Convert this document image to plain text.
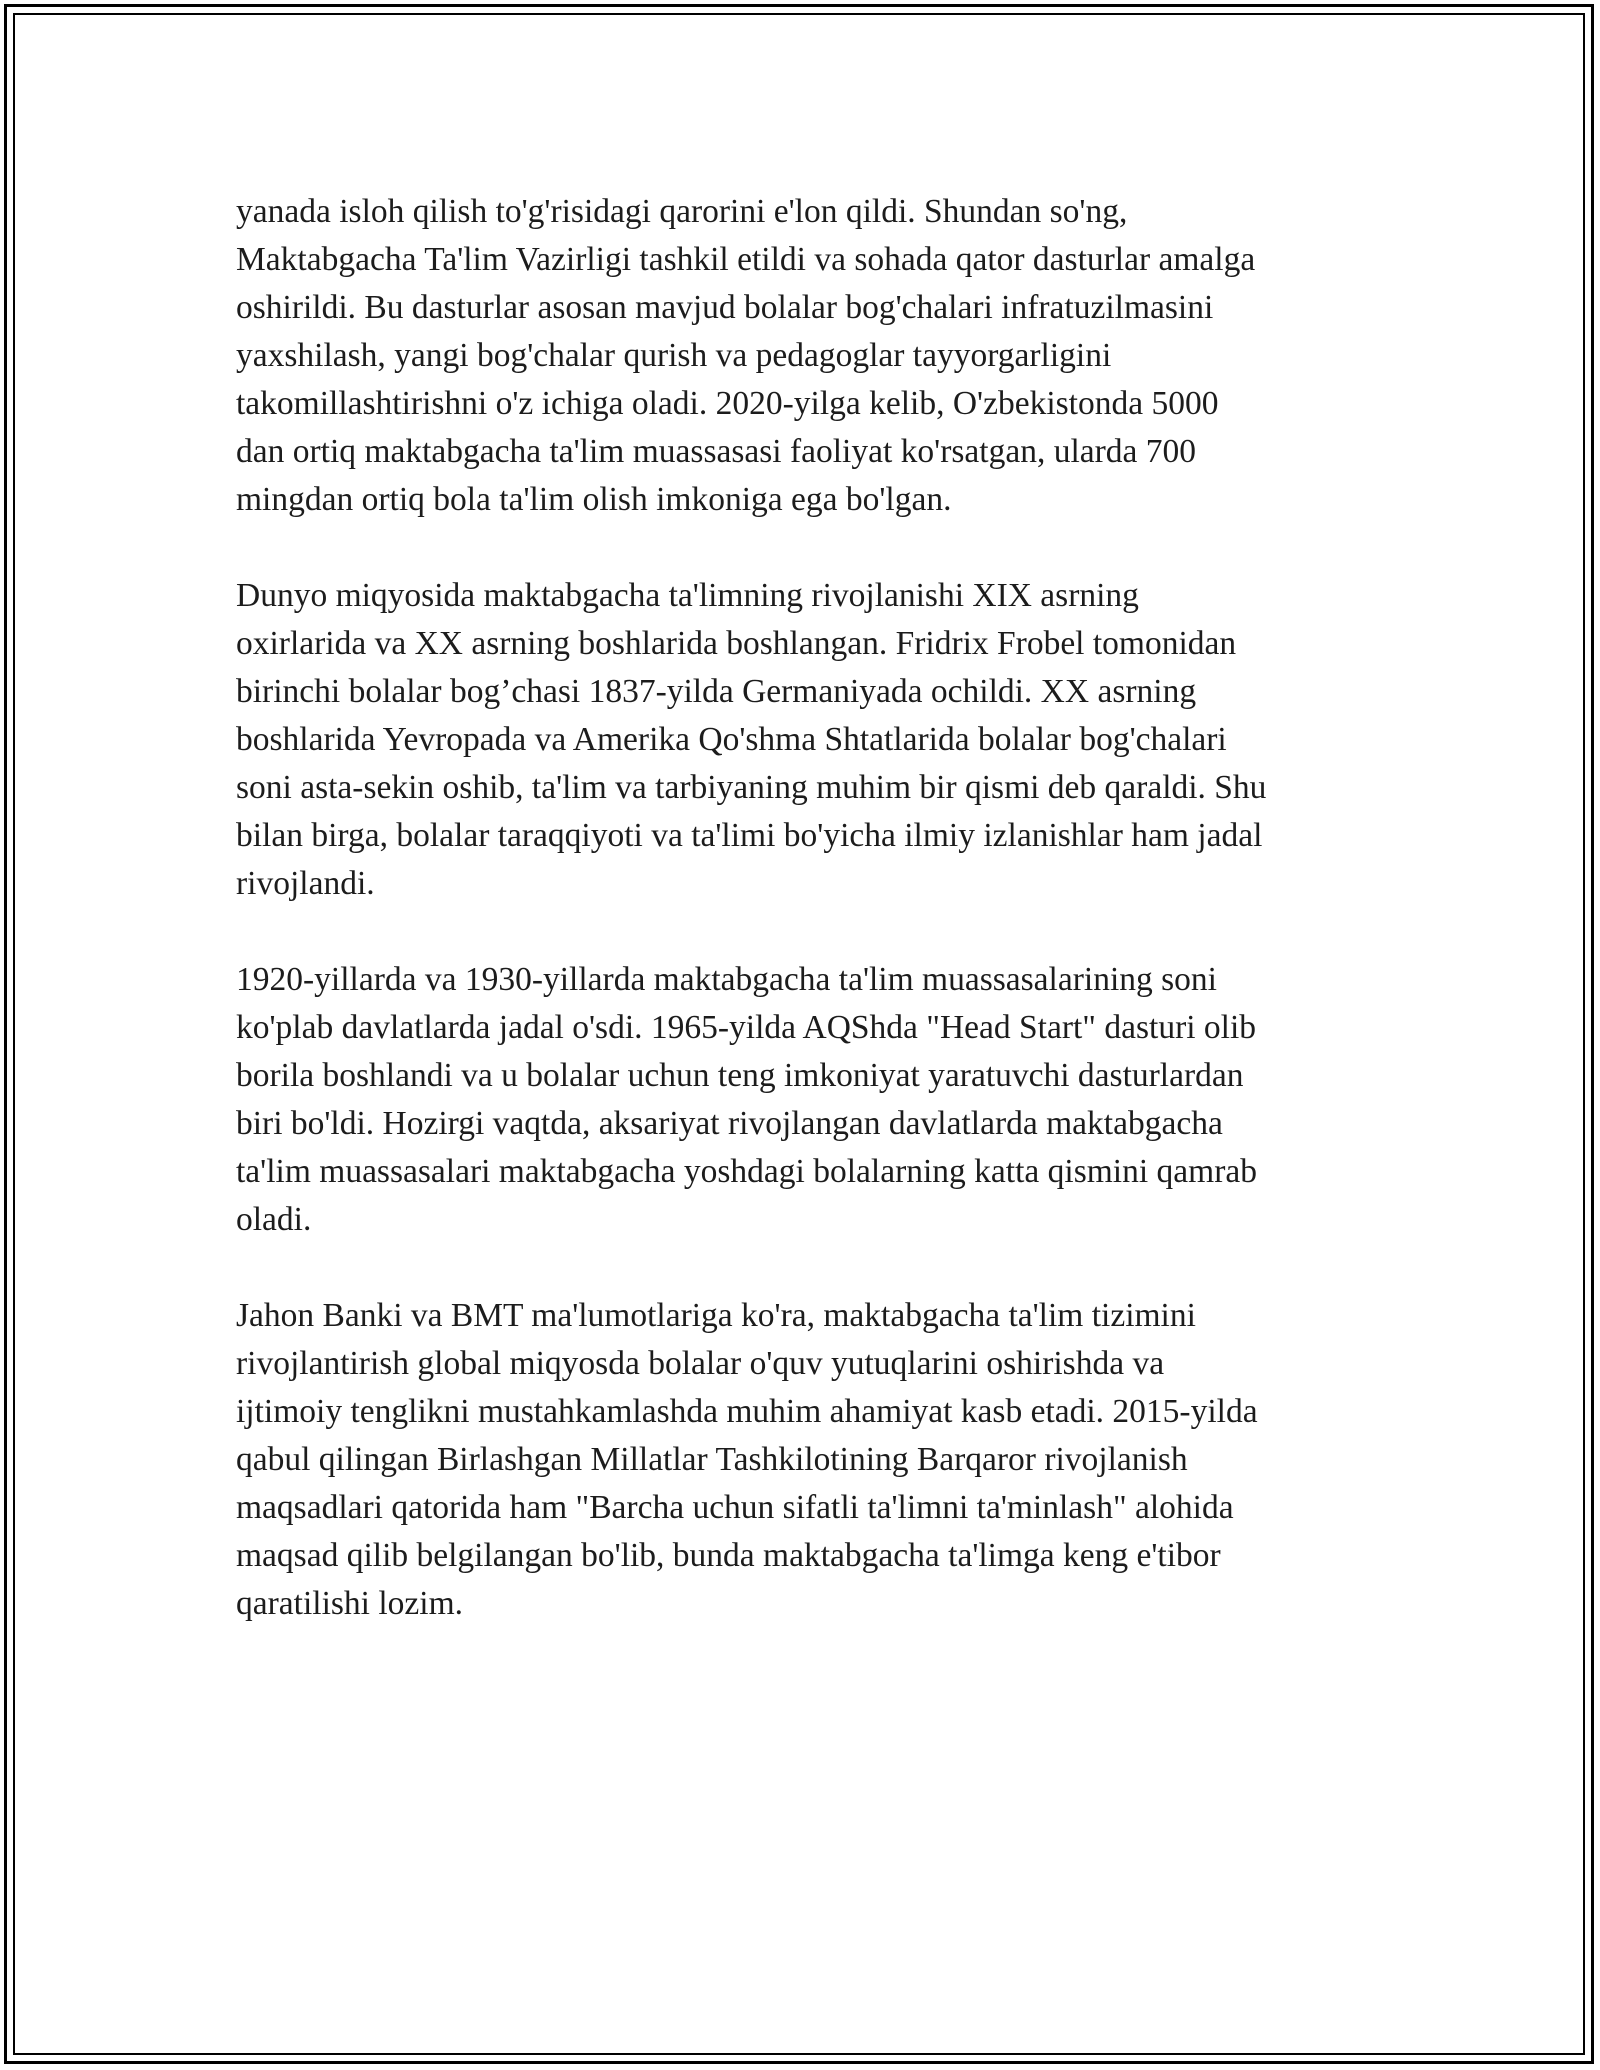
yanada isloh qilish to'g'risidagi qarorini e'lon qildi. Shundan so'ng,
Maktabgacha Ta'lim Vazirligi tashkil etildi va sohada qator dasturlar amalga
oshirildi. Bu dasturlar asosan mavjud bolalar bog'chalari infratuzilmasini
yaxshilash, yangi bog'chalar qurish va pedagoglar tayyorgarligini
takomillashtirishni o'z ichiga oladi. 2020-yilga kelib, O'zbekistonda 5000
dan ortiq maktabgacha ta'lim muassasasi faoliyat ko'rsatgan, ularda 700
mingdan ortiq bola ta'lim olish imkoniga ega bo'lgan.

Dunyo miqyosida maktabgacha ta'limning rivojlanishi XIX asrning
oxirlarida va XX asrning boshlarida boshlangan. Fridrix Frobel tomonidan
birinchi bolalar bog’chasi 1837-yilda Germaniyada ochildi. XX asrning
boshlarida Yevropada va Amerika Qo'shma Shtatlarida bolalar bog'chalari
soni asta-sekin oshib, ta'lim va tarbiyaning muhim bir qismi deb qaraldi. Shu
bilan birga, bolalar taraqqiyoti va ta'limi bo'yicha ilmiy izlanishlar ham jadal
rivojlandi.

1920-yillarda va 1930-yillarda maktabgacha ta'lim muassasalarining soni
ko'plab davlatlarda jadal o'sdi. 1965-yilda AQShda "Head Start" dasturi olib
borila boshlandi va u bolalar uchun teng imkoniyat yaratuvchi dasturlardan
biri bo'ldi. Hozirgi vaqtda, aksariyat rivojlangan davlatlarda maktabgacha
ta'lim muassasalari maktabgacha yoshdagi bolalarning katta qismini qamrab
oladi.

Jahon Banki va BMT ma'lumotlariga ko'ra, maktabgacha ta'lim tizimini
rivojlantirish global miqyosda bolalar o'quv yutuqlarini oshirishda va
ijtimoiy tenglikni mustahkamlashda muhim ahamiyat kasb etadi. 2015-yilda
qabul qilingan Birlashgan Millatlar Tashkilotining Barqaror rivojlanish
maqsadlari qatorida ham "Barcha uchun sifatli ta'limni ta'minlash" alohida
maqsad qilib belgilangan bo'lib, bunda maktabgacha ta'limga keng e'tibor
qaratilishi lozim.
